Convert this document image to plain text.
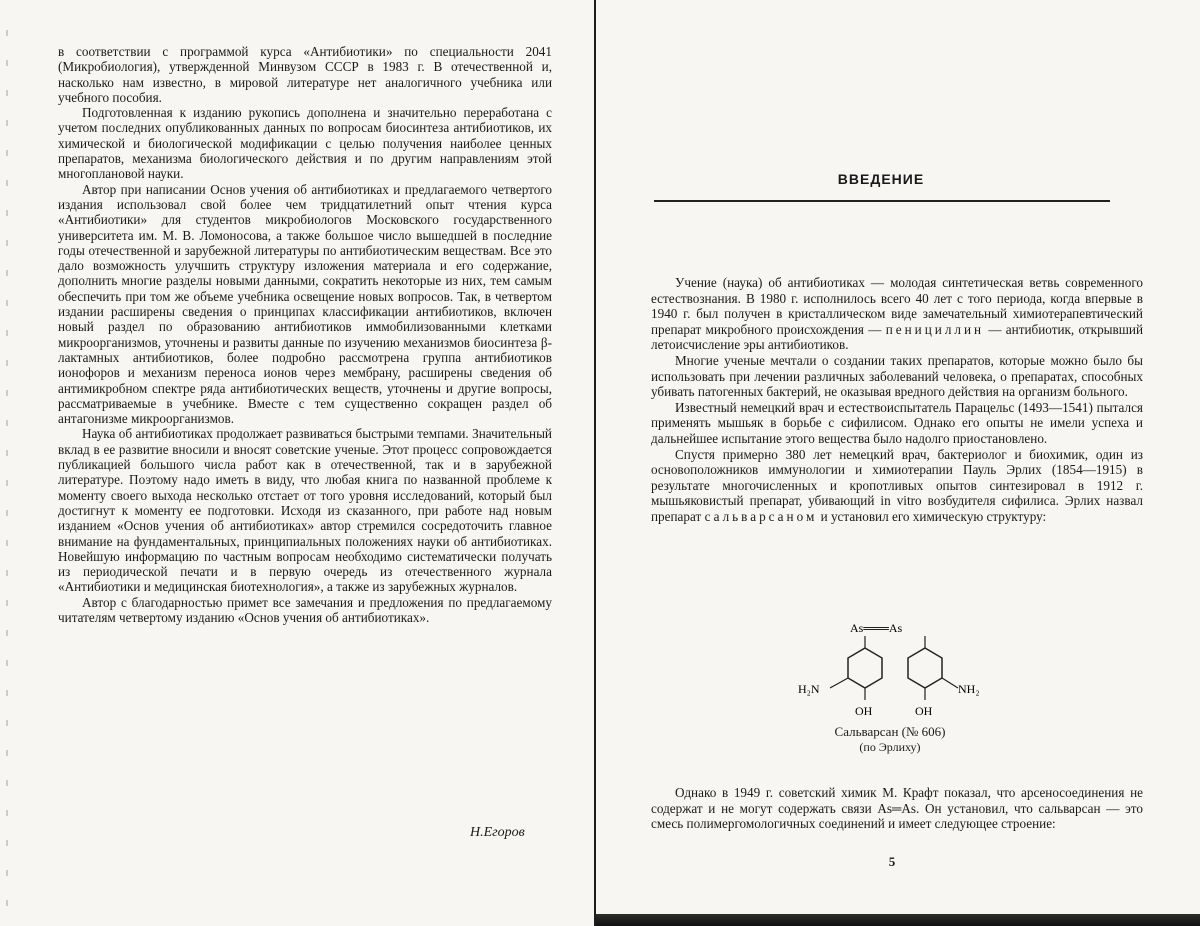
в соответствии с программой курса «Антибиотики» по специальности 2041 (Микробиология), утвержденной Минвузом СССР в 1983 г. В отечественной и, насколько нам известно, в мировой литературе нет аналогичного учебника или учебного пособия.

Подготовленная к изданию рукопись дополнена и значительно переработана с учетом последних опубликованных данных по вопросам биосинтеза антибиотиков, их химической и биологической модификации с целью получения наиболее ценных препаратов, механизма биологического действия и по другим направлениям этой многоплановой науки.

Автор при написании Основ учения об антибиотиках и предлагаемого четвертого издания использовал свой более чем тридцатилетний опыт чтения курса «Антибиотики» для студентов микробиологов Московского государственного университета им. М. В. Ломоносова, а также большое число вышедшей в последние годы отечественной и зарубежной литературы по антибиотическим веществам. Все это дало возможность улучшить структуру изложения материала и его содержание, дополнить многие разделы новыми данными, сократить некоторые из них, тем самым обеспечить при том же объеме учебника освещение новых вопросов. Так, в четвертом издании расширены сведения о принципах классификации антибиотиков, включен новый раздел по образованию антибиотиков иммобилизованными клетками микроорганизмов, уточнены и развиты данные по изучению механизмов биосинтеза β-лактамных антибиотиков, более подробно рассмотрена группа антибиотиков ионофоров и механизм переноса ионов через мембрану, расширены сведения об антимикробном спектре ряда антибиотических веществ, уточнены и другие вопросы, рассматриваемые в учебнике. Вместе с тем существенно сокращен раздел об антагонизме микроорганизмов.

Наука об антибиотиках продолжает развиваться быстрыми темпами. Значительный вклад в ее развитие вносили и вносят советские ученые. Этот процесс сопровождается публикацией большого числа работ как в отечественной, так и в зарубежной литературе. Поэтому надо иметь в виду, что любая книга по названной проблеме к моменту своего выхода несколько отстает от того уровня исследований, который был достигнут к моменту ее подготовки. Исходя из сказанного, при работе над новым изданием «Основ учения об антибиотиках» автор стремился сосредоточить главное внимание на фундаментальных, принципиальных положениях науки об антибиотиках. Новейшую информацию по частным вопросам необходимо систематически получать из периодической печати и в первую очередь из отечественного журнала «Антибиотики и медицинская биотехнология», а также из зарубежных журналов.

Автор с благодарностью примет все замечания и предложения по предлагаемому читателям четвертому изданию «Основ учения об антибиотиках».

Н.Егоров
ВВЕДЕНИЕ

Учение (наука) об антибиотиках — молодая синтетическая ветвь современного естествознания. В 1980 г. исполнилось всего 40 лет с того периода, когда впервые в 1940 г. был получен в кристаллическом виде замечательный химиотерапевтический препарат микробного происхождения — пенициллин — антибиотик, открывший летоисчисление эры антибиотиков.

Многие ученые мечтали о создании таких препаратов, которые можно было бы использовать при лечении различных заболеваний человека, о препаратах, способных убивать патогенных бактерий, не оказывая вредного действия на организм больного.

Известный немецкий врач и естествоиспытатель Парацельс (1493—1541) пытался применять мышьяк в борьбе с сифилисом. Однако его опыты не имели успеха и дальнейшее испытание этого вещества было надолго приостановлено.

Спустя примерно 380 лет немецкий врач, бактериолог и биохимик, один из основоположников иммунологии и химиотерапии Пауль Эрлих (1854—1915) в результате многочисленных и кропотливых опытов синтезировал в 1912 г. мышьяковистый препарат, убивающий in vitro возбудителя сифилиса. Эрлих назвал препарат сальварсаном и установил его химическую структуру:

As═══As
H₂N	NH₂
OH	OH
Сальварсан (№ 606)
(по Эрлиху)

Однако в 1949 г. советский химик М. Крафт показал, что арсеносоединения не содержат и не могут содержать связи As═As. Он установил, что сальварсан — это смесь полимергомологичных соединений и имеет следующее строение:

5
